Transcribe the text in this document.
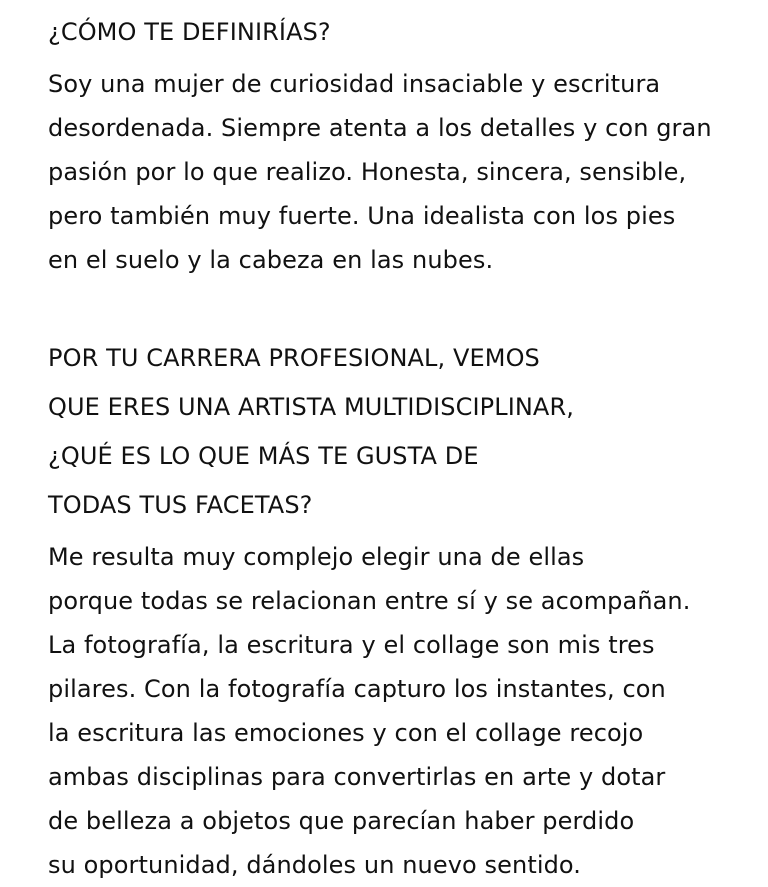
¿CÓMO TE DEFINIRÍAS?
Soy una mujer de curiosidad insaciable y escritura
desordenada. Siempre atenta a los detalles y con gran
pasión por lo que realizo. Honesta, sincera, sensible,
pero también muy fuerte. Una idealista con los pies
en el suelo y la cabeza en las nubes.
POR TU CARRERA PROFESIONAL, VEMOS
QUE ERES UNA ARTISTA MULTIDISCIPLINAR,
¿QUÉ ES LO QUE MÁS TE GUSTA DE
TODAS TUS FACETAS?
Me resulta muy complejo elegir una de ellas
porque todas se relacionan entre sí y se acompañan.
La fotografía, la escritura y el collage son mis tres
pilares. Con la fotografía capturo los instantes, con
la escritura las emociones y con el collage recojo
ambas disciplinas para convertirlas en arte y dotar
de belleza a objetos que parecían haber perdido
su oportunidad, dándoles un nuevo sentido.
